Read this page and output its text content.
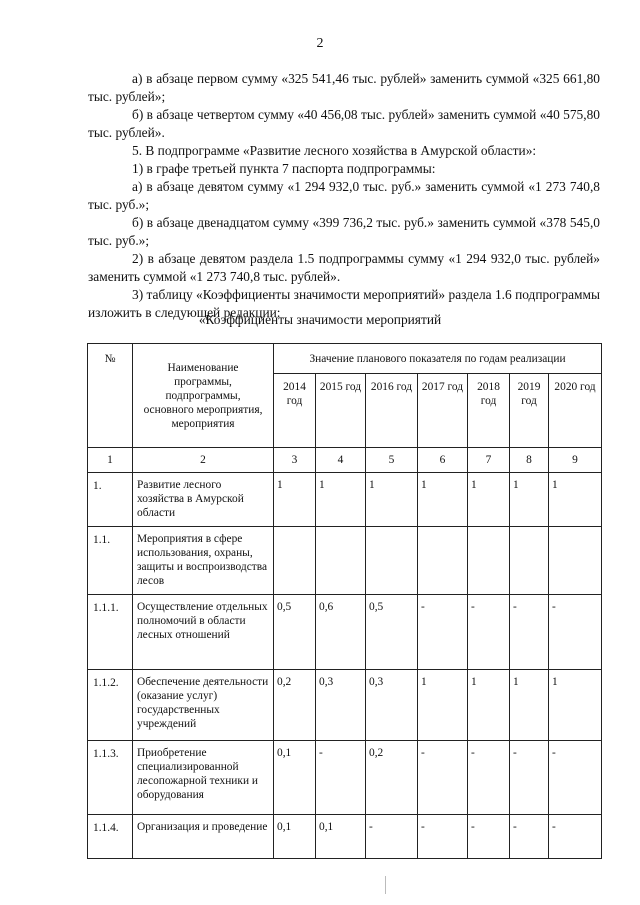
2

а) в абзаце первом сумму «325 541,46 тыс. рублей» заменить суммой «325 661,80 тыс. рублей»;

б) в абзаце четвертом сумму «40 456,08 тыс. рублей» заменить суммой «40 575,80 тыс. рублей».

5. В подпрограмме «Развитие лесного хозяйства в Амурской области»:

1) в графе третьей пункта 7 паспорта подпрограммы:

а) в абзаце девятом сумму «1 294 932,0 тыс. руб.» заменить суммой «1 273 740,8 тыс. руб.»;

б) в абзаце двенадцатом сумму «399 736,2 тыс. руб.» заменить суммой «378 545,0 тыс. руб.»;

2) в абзаце девятом раздела 1.5 подпрограммы сумму «1 294 932,0 тыс. рублей» заменить суммой «1 273 740,8 тыс. рублей».

3) таблицу «Коэффициенты значимости мероприятий» раздела 1.6 подпрограммы изложить в следующей редакции:

«Коэффициенты значимости мероприятий
№	Наименование программы, подпрограммы, основного мероприятия, мероприятия	Значение планового показателя по годам реализации						
		2014 год	2015 год	2016 год	2017 год	2018 год	2019 год	2020 год
1	2	3	4	5	6	7	8	9
1.	Развитие лесного хозяйства в Амурской области	1	1	1	1	1	1	1
1.1.	Мероприятия в сфере использования, охраны, защиты и воспроизводства лесов							
1.1.1.	Осуществление отдельных полномочий в области лесных отношений	0,5	0,6	0,5	-	-	-	-
1.1.2.	Обеспечение деятельности (оказание услуг) государственных учреждений	0,2	0,3	0,3	1	1	1	1
1.1.3.	Приобретение специализированной лесопожарной техники и оборудования	0,1	-	0,2	-	-	-	-
1.1.4.	Организация и проведение	0,1	0,1	-	-	-	-	-
